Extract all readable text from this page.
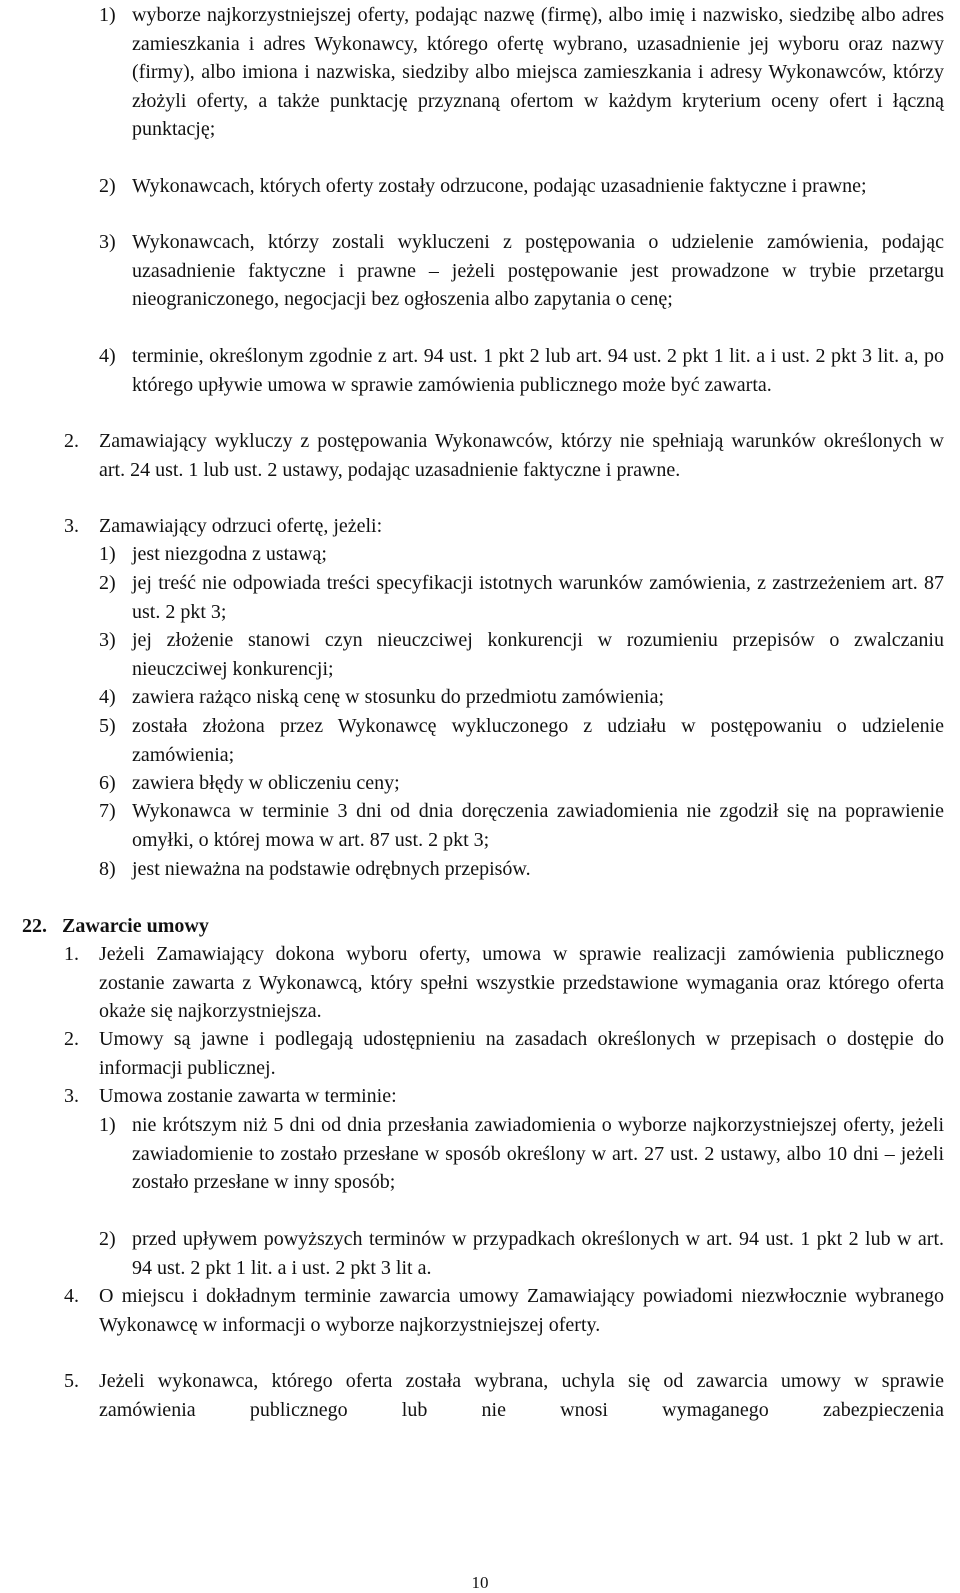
1) wyborze najkorzystniejszej oferty, podając nazwę (firmę), albo imię i nazwisko, siedzibę albo adres zamieszkania i adres Wykonawcy, którego ofertę wybrano, uzasadnienie jej wyboru oraz nazwy (firmy), albo imiona i nazwiska, siedziby albo miejsca zamieszkania i adresy Wykonawców, którzy złożyli oferty, a także punktację przyznaną ofertom w każdym kryterium oceny ofert i łączną punktację;
2) Wykonawcach, których oferty zostały odrzucone, podając uzasadnienie faktyczne i prawne;
3) Wykonawcach, którzy zostali wykluczeni z postępowania o udzielenie zamówienia, podając uzasadnienie faktyczne i prawne – jeżeli postępowanie jest prowadzone w trybie przetargu nieograniczonego, negocjacji bez ogłoszenia albo zapytania o cenę;
4) terminie, określonym zgodnie z art. 94 ust. 1 pkt 2 lub art. 94 ust. 2 pkt 1 lit. a i ust. 2 pkt 3 lit. a, po którego upływie umowa w sprawie zamówienia publicznego może być zawarta.
2. Zamawiający wykluczy z postępowania Wykonawców, którzy nie spełniają warunków określonych w art. 24 ust. 1 lub ust. 2 ustawy, podając uzasadnienie faktyczne i prawne.
3. Zamawiający odrzuci ofertę, jeżeli:
1) jest niezgodna z ustawą;
2) jej treść nie odpowiada treści specyfikacji istotnych warunków zamówienia, z zastrzeżeniem art. 87 ust. 2 pkt 3;
3) jej złożenie stanowi czyn nieuczciwej konkurencji w rozumieniu przepisów o zwalczaniu nieuczciwej konkurencji;
4) zawiera rażąco niską cenę w stosunku do przedmiotu zamówienia;
5) została złożona przez Wykonawcę wykluczonego z udziału w postępowaniu o udzielenie zamówienia;
6) zawiera błędy w obliczeniu ceny;
7) Wykonawca w terminie 3 dni od dnia doręczenia zawiadomienia nie zgodził się na poprawienie omyłki, o której mowa w art. 87 ust. 2 pkt 3;
8) jest nieważna na podstawie odrębnych przepisów.
22. Zawarcie umowy
1. Jeżeli Zamawiający dokona wyboru oferty, umowa w sprawie realizacji zamówienia publicznego zostanie zawarta z Wykonawcą, który spełni wszystkie przedstawione wymagania oraz którego oferta okaże się najkorzystniejsza.
2. Umowy są jawne i podlegają udostępnieniu na zasadach określonych w przepisach o dostępie do informacji publicznej.
3. Umowa zostanie zawarta w terminie:
1) nie krótszym niż 5 dni od dnia przesłania zawiadomienia o wyborze najkorzystniejszej oferty, jeżeli zawiadomienie to zostało przesłane w sposób określony w art. 27 ust. 2 ustawy, albo 10 dni – jeżeli zostało przesłane w inny sposób;
2) przed upływem powyższych terminów w przypadkach określonych w art. 94 ust. 1 pkt 2 lub w art. 94 ust. 2 pkt 1 lit. a i ust. 2 pkt 3 lit a.
4. O miejscu i dokładnym terminie zawarcia umowy Zamawiający powiadomi niezwłocznie wybranego Wykonawcę w informacji o wyborze najkorzystniejszej oferty.
5. Jeżeli wykonawca, którego oferta została wybrana, uchyla się od zawarcia umowy w sprawie zamówienia publicznego lub nie wnosi wymaganego zabezpieczenia
10
